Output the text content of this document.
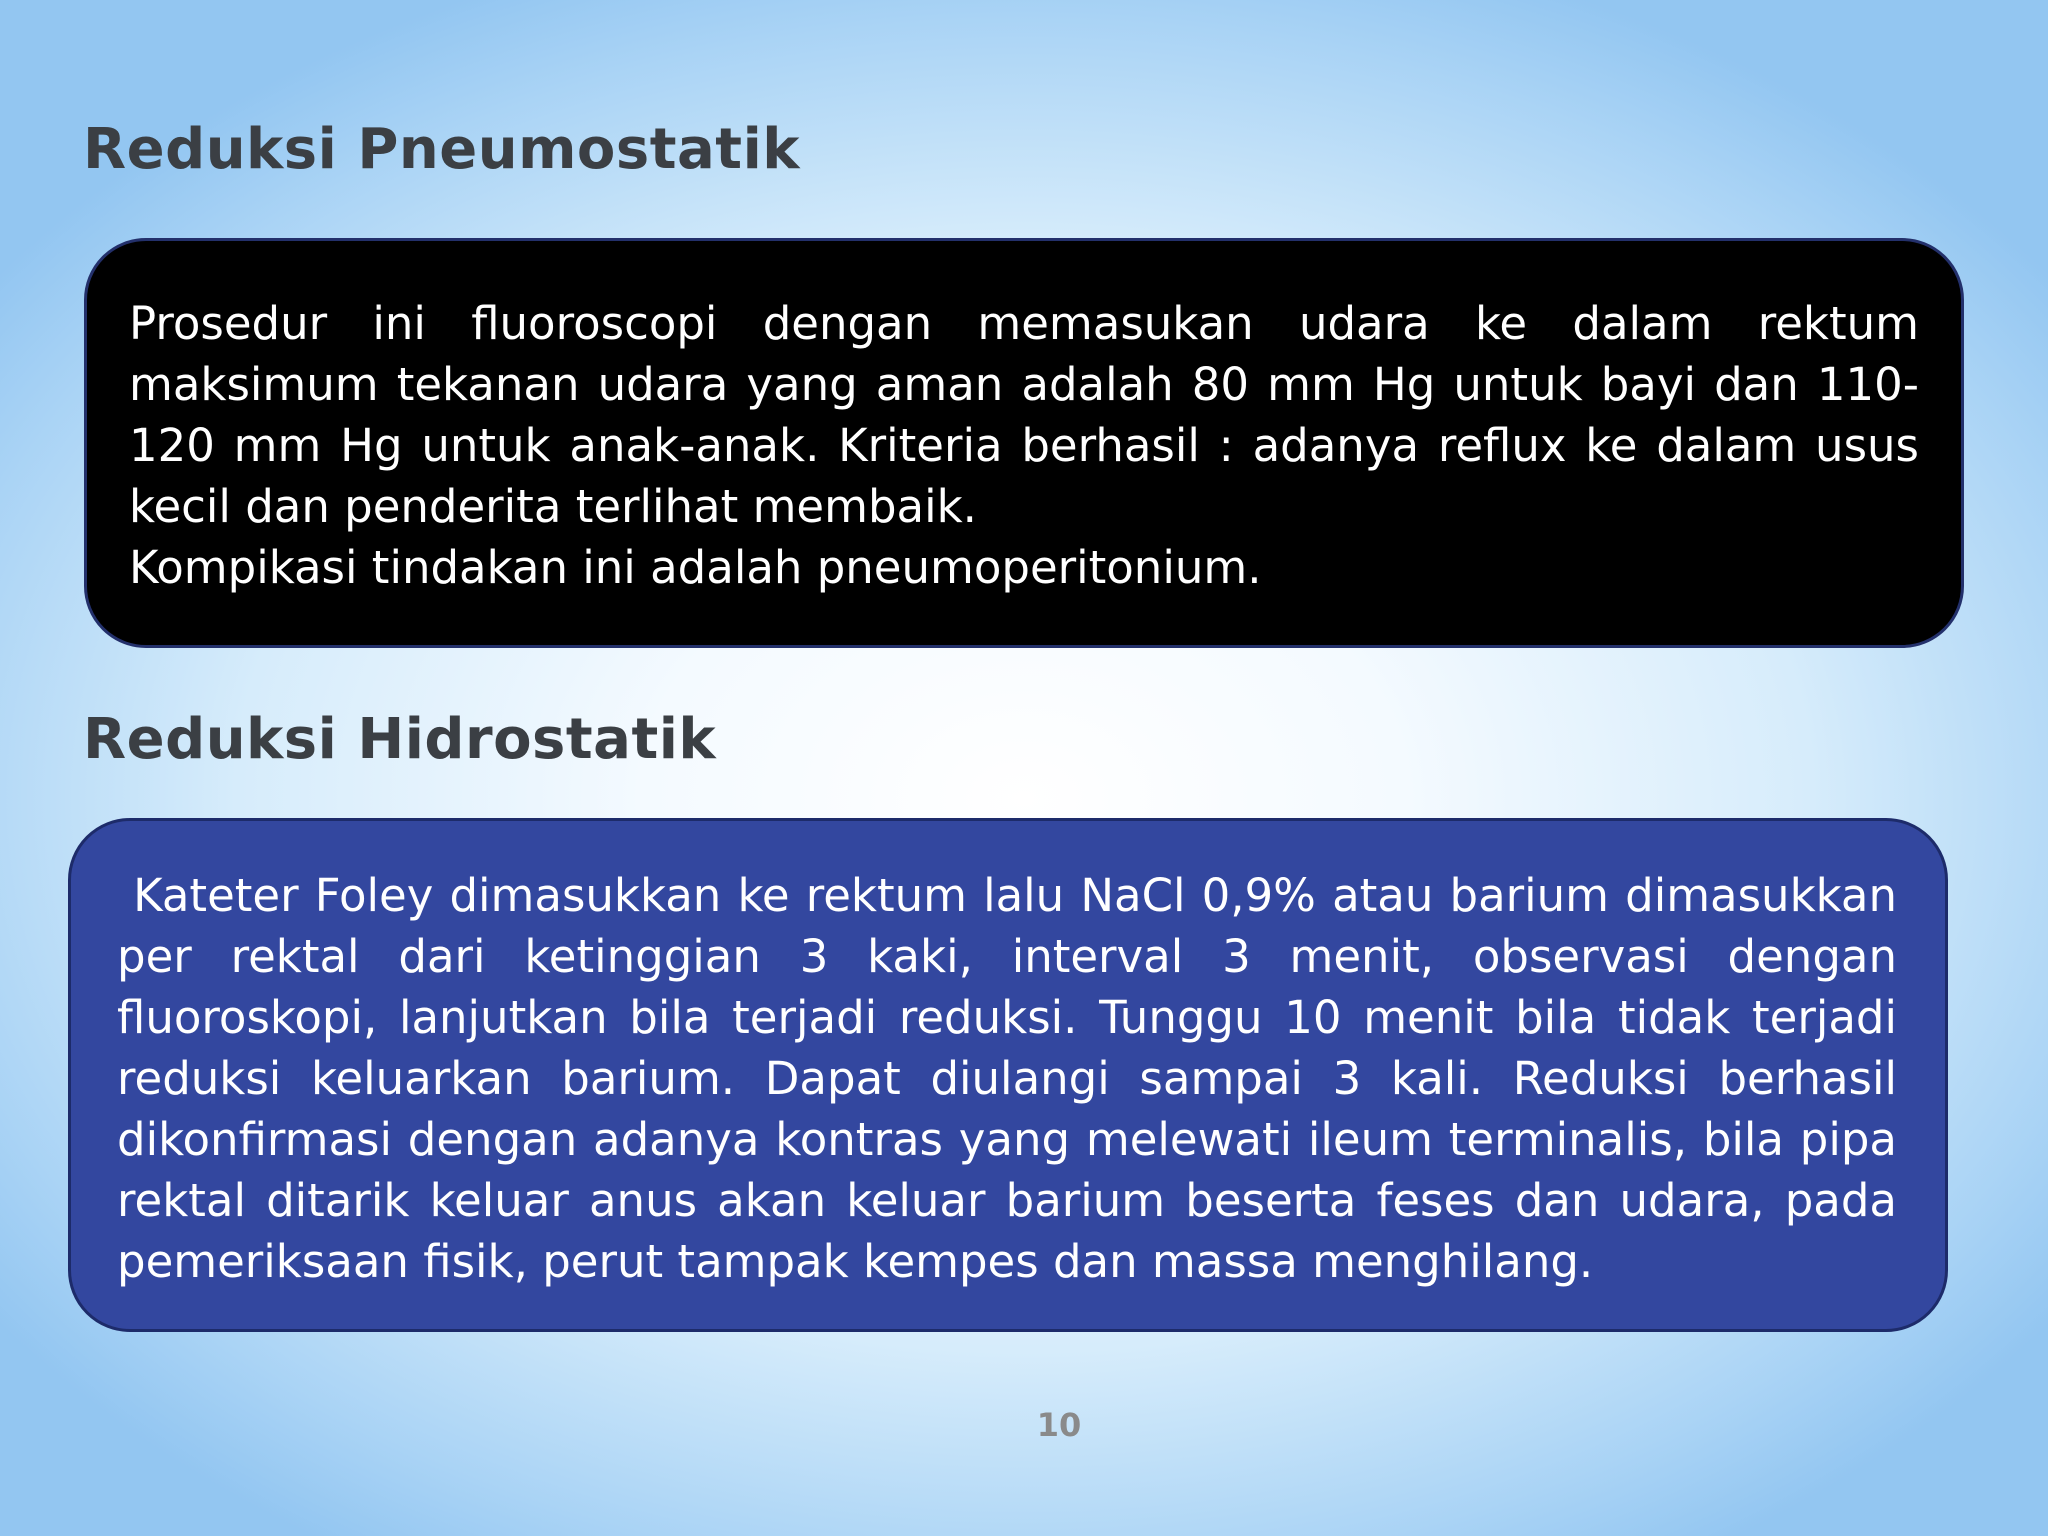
Reduksi Pneumostatik

Prosedur ini fluoroscopi dengan memasukan udara ke dalam rektum maksimum tekanan udara yang aman adalah 80 mm Hg untuk bayi dan 110-120 mm Hg untuk anak-anak. Kriteria berhasil : adanya reflux ke dalam usus kecil dan penderita terlihat membaik.

Kompikasi tindakan ini adalah pneumoperitonium.

Reduksi Hidrostatik

Kateter Foley dimasukkan ke rektum lalu NaCl 0,9% atau barium dimasukkan per rektal dari ketinggian 3 kaki, interval 3 menit, observasi dengan fluoroskopi, lanjutkan bila terjadi reduksi. Tunggu 10 menit bila tidak terjadi reduksi keluarkan barium. Dapat diulangi sampai 3 kali. Reduksi berhasil dikonfirmasi dengan adanya kontras yang melewati ileum terminalis, bila pipa rektal ditarik keluar anus akan keluar barium beserta feses dan udara, pada pemeriksaan fisik, perut tampak kempes dan massa menghilang.

10
